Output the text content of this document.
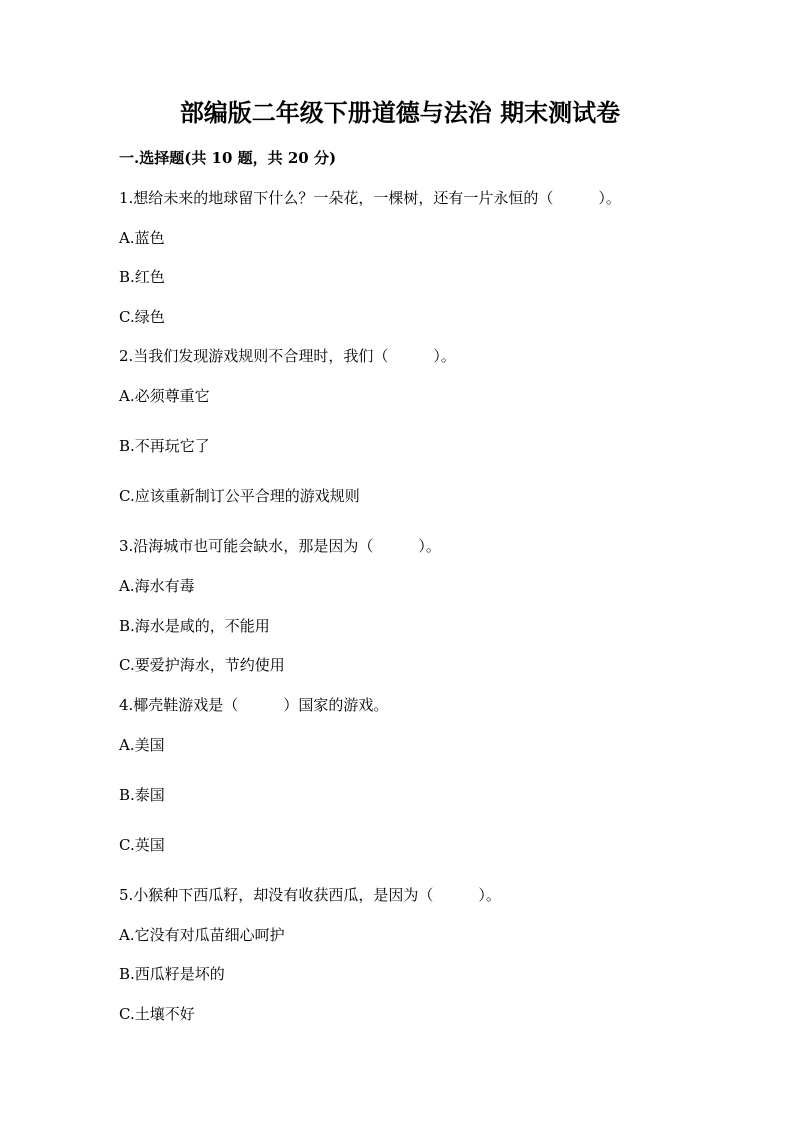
部编版二年级下册道德与法治 期末测试卷
一.选择题(共 10 题，共 20 分)
1.想给未来的地球留下什么？一朵花，一棵树，还有一片永恒的（　　　）。
A.蓝色
B.红色
C.绿色
2.当我们发现游戏规则不合理时，我们（　　　）。
A.必须尊重它
B.不再玩它了
C.应该重新制订公平合理的游戏规则
3.沿海城市也可能会缺水，那是因为（　　　）。
A.海水有毒
B.海水是咸的，不能用
C.要爱护海水，节约使用
4.椰壳鞋游戏是（　　　）国家的游戏。
A.美国
B.泰国
C.英国
5.小猴种下西瓜籽，却没有收获西瓜，是因为（　　　）。
A.它没有对瓜苗细心呵护
B.西瓜籽是坏的
C.土壤不好
